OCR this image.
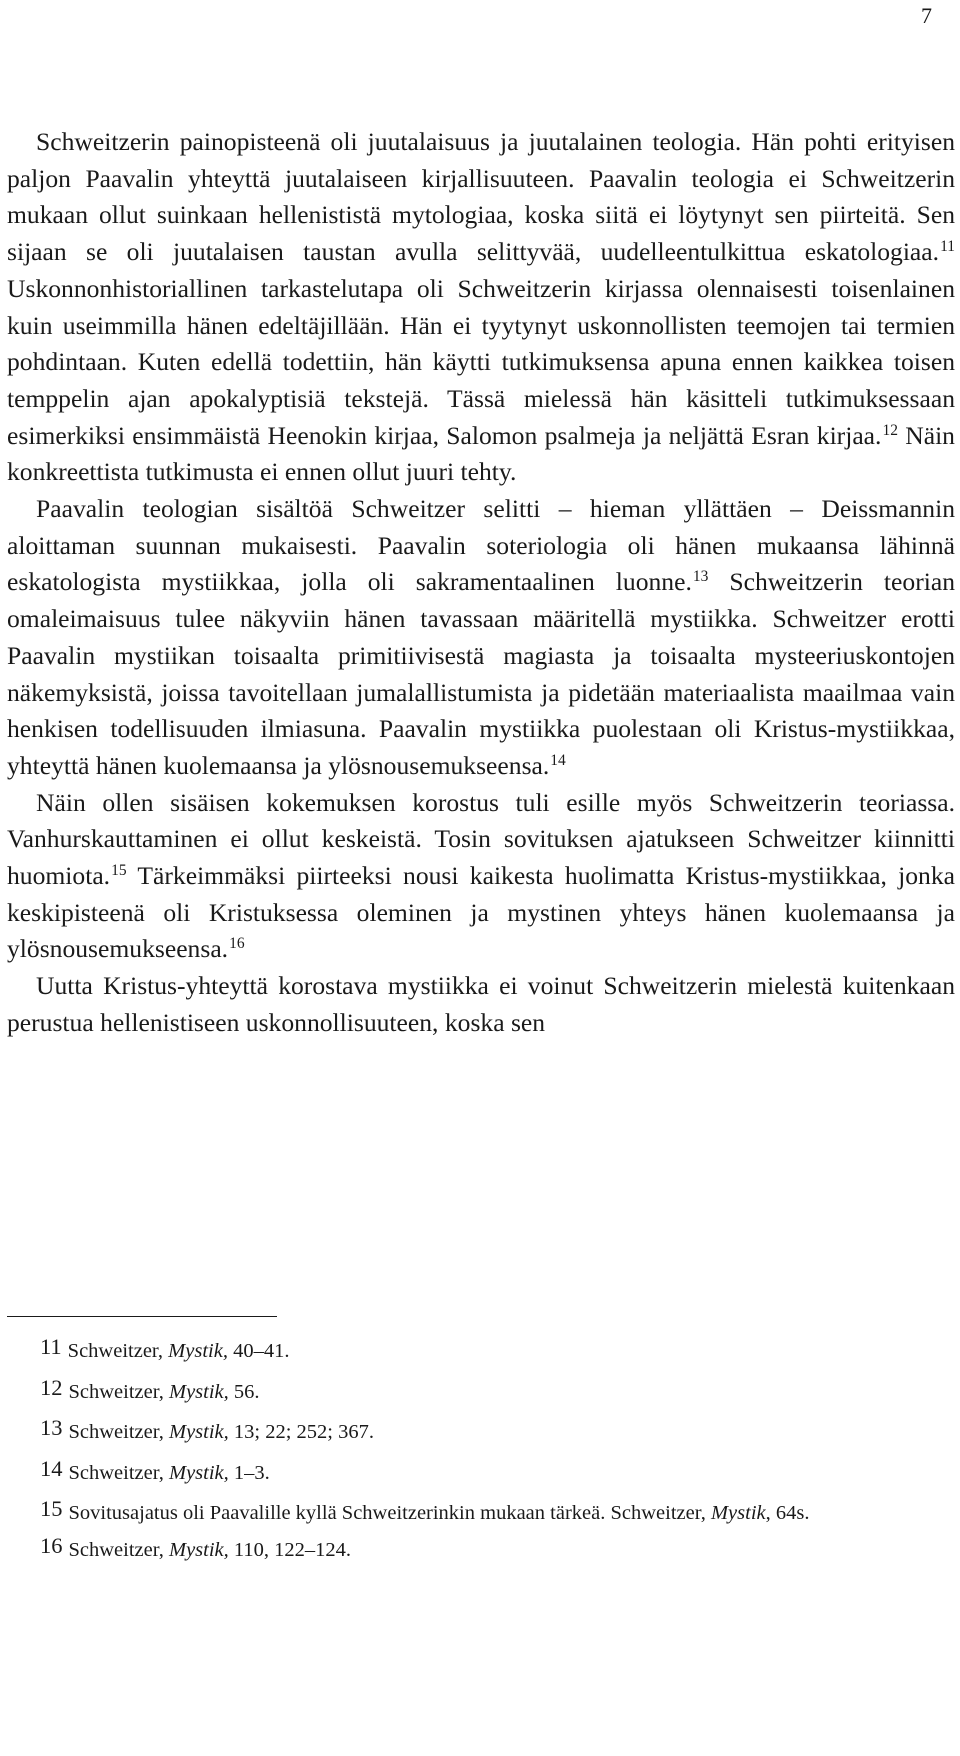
7

Schweitzerin painopisteenä oli juutalaisuus ja juutalainen teologia. Hän pohti erityisen paljon Paavalin yhteyttä juutalaiseen kirjallisuuteen. Paavalin teologia ei Schweitzerin mukaan ollut suinkaan hellenististä mytologiaa, koska siitä ei löytynyt sen piirteitä. Sen sijaan se oli juutalaisen taustan avulla selittyvää, uudelleentulkittua eskatologiaa.$^{11}$ Uskonnonhistoriallinen tarkastelutapa oli Schweitzerin kirjassa olennaisesti toisenlainen kuin useimmilla hänen edeltäjillään. Hän ei tyytynyt uskonnollisten teemojen tai termien pohdintaan. Kuten edellä todettiin, hän käytti tutkimuksensa apuna ennen kaikkea toisen temppelin ajan apokalyptisiä tekstejä. Tässä mielessä hän käsitteli tutkimuksessaan esimerkiksi ensimmäistä Heenokin kirjaa, Salomon psalmeja ja neljättä Esran kirjaa.$^{12}$ Näin konkreettista tutkimusta ei ennen ollut juuri tehty.

Paavalin teologian sisältöä Schweitzer selitti – hieman yllättäen – Deissmannin aloittaman suunnan mukaisesti. Paavalin soteriologia oli hänen mukaansa lähinnä eskatologista mystiikkaa, jolla oli sakramentaalinen luonne.$^{13}$ Schweitzerin teorian omaleimaisuus tulee näkyviin hänen tavassaan määritellä mystiikka. Schweitzer erotti Paavalin mystiikan toisaalta primitiivisestä magiasta ja toisaalta mysteeriuskontojen näkemyksistä, joissa tavoitellaan jumalallistumista ja pidetään materiaalista maailmaa vain henkisen todellisuuden ilmiasuna. Paavalin mystiikka puolestaan oli Kristus-mystiikkaa, yhteyttä hänen kuolemaansa ja ylösnousemukseensa.$^{14}$

Näin ollen sisäisen kokemuksen korostus tuli esille myös Schweitzerin teoriassa. Vanhurskauttaminen ei ollut keskeistä. Tosin sovituksen ajatukseen Schweitzer kiinnitti huomiota.$^{15}$ Tärkeimmäksi piirteeksi nousi kaikesta huolimatta Kristus-mystiikkaa, jonka keskipisteenä oli Kristuksessa oleminen ja mystinen yhteys hänen kuolemaansa ja ylösnousemukseensa.$^{16}$

Uutta Kristus-yhteyttä korostava mystiikka ei voinut Schweitzerin mielestä kuitenkaan perustua hellenistiseen uskonnollisuuteen, koska sen

11 Schweitzer, Mystik, 40–41.
12 Schweitzer, Mystik, 56.
13 Schweitzer, Mystik, 13; 22; 252; 367.
14 Schweitzer, Mystik, 1–3.
15 Sovitusajatus oli Paavalille kyllä Schweitzerinkin mukaan tärkeä. Schweitzer, Mystik, 64s.
16 Schweitzer, Mystik, 110, 122–124.
